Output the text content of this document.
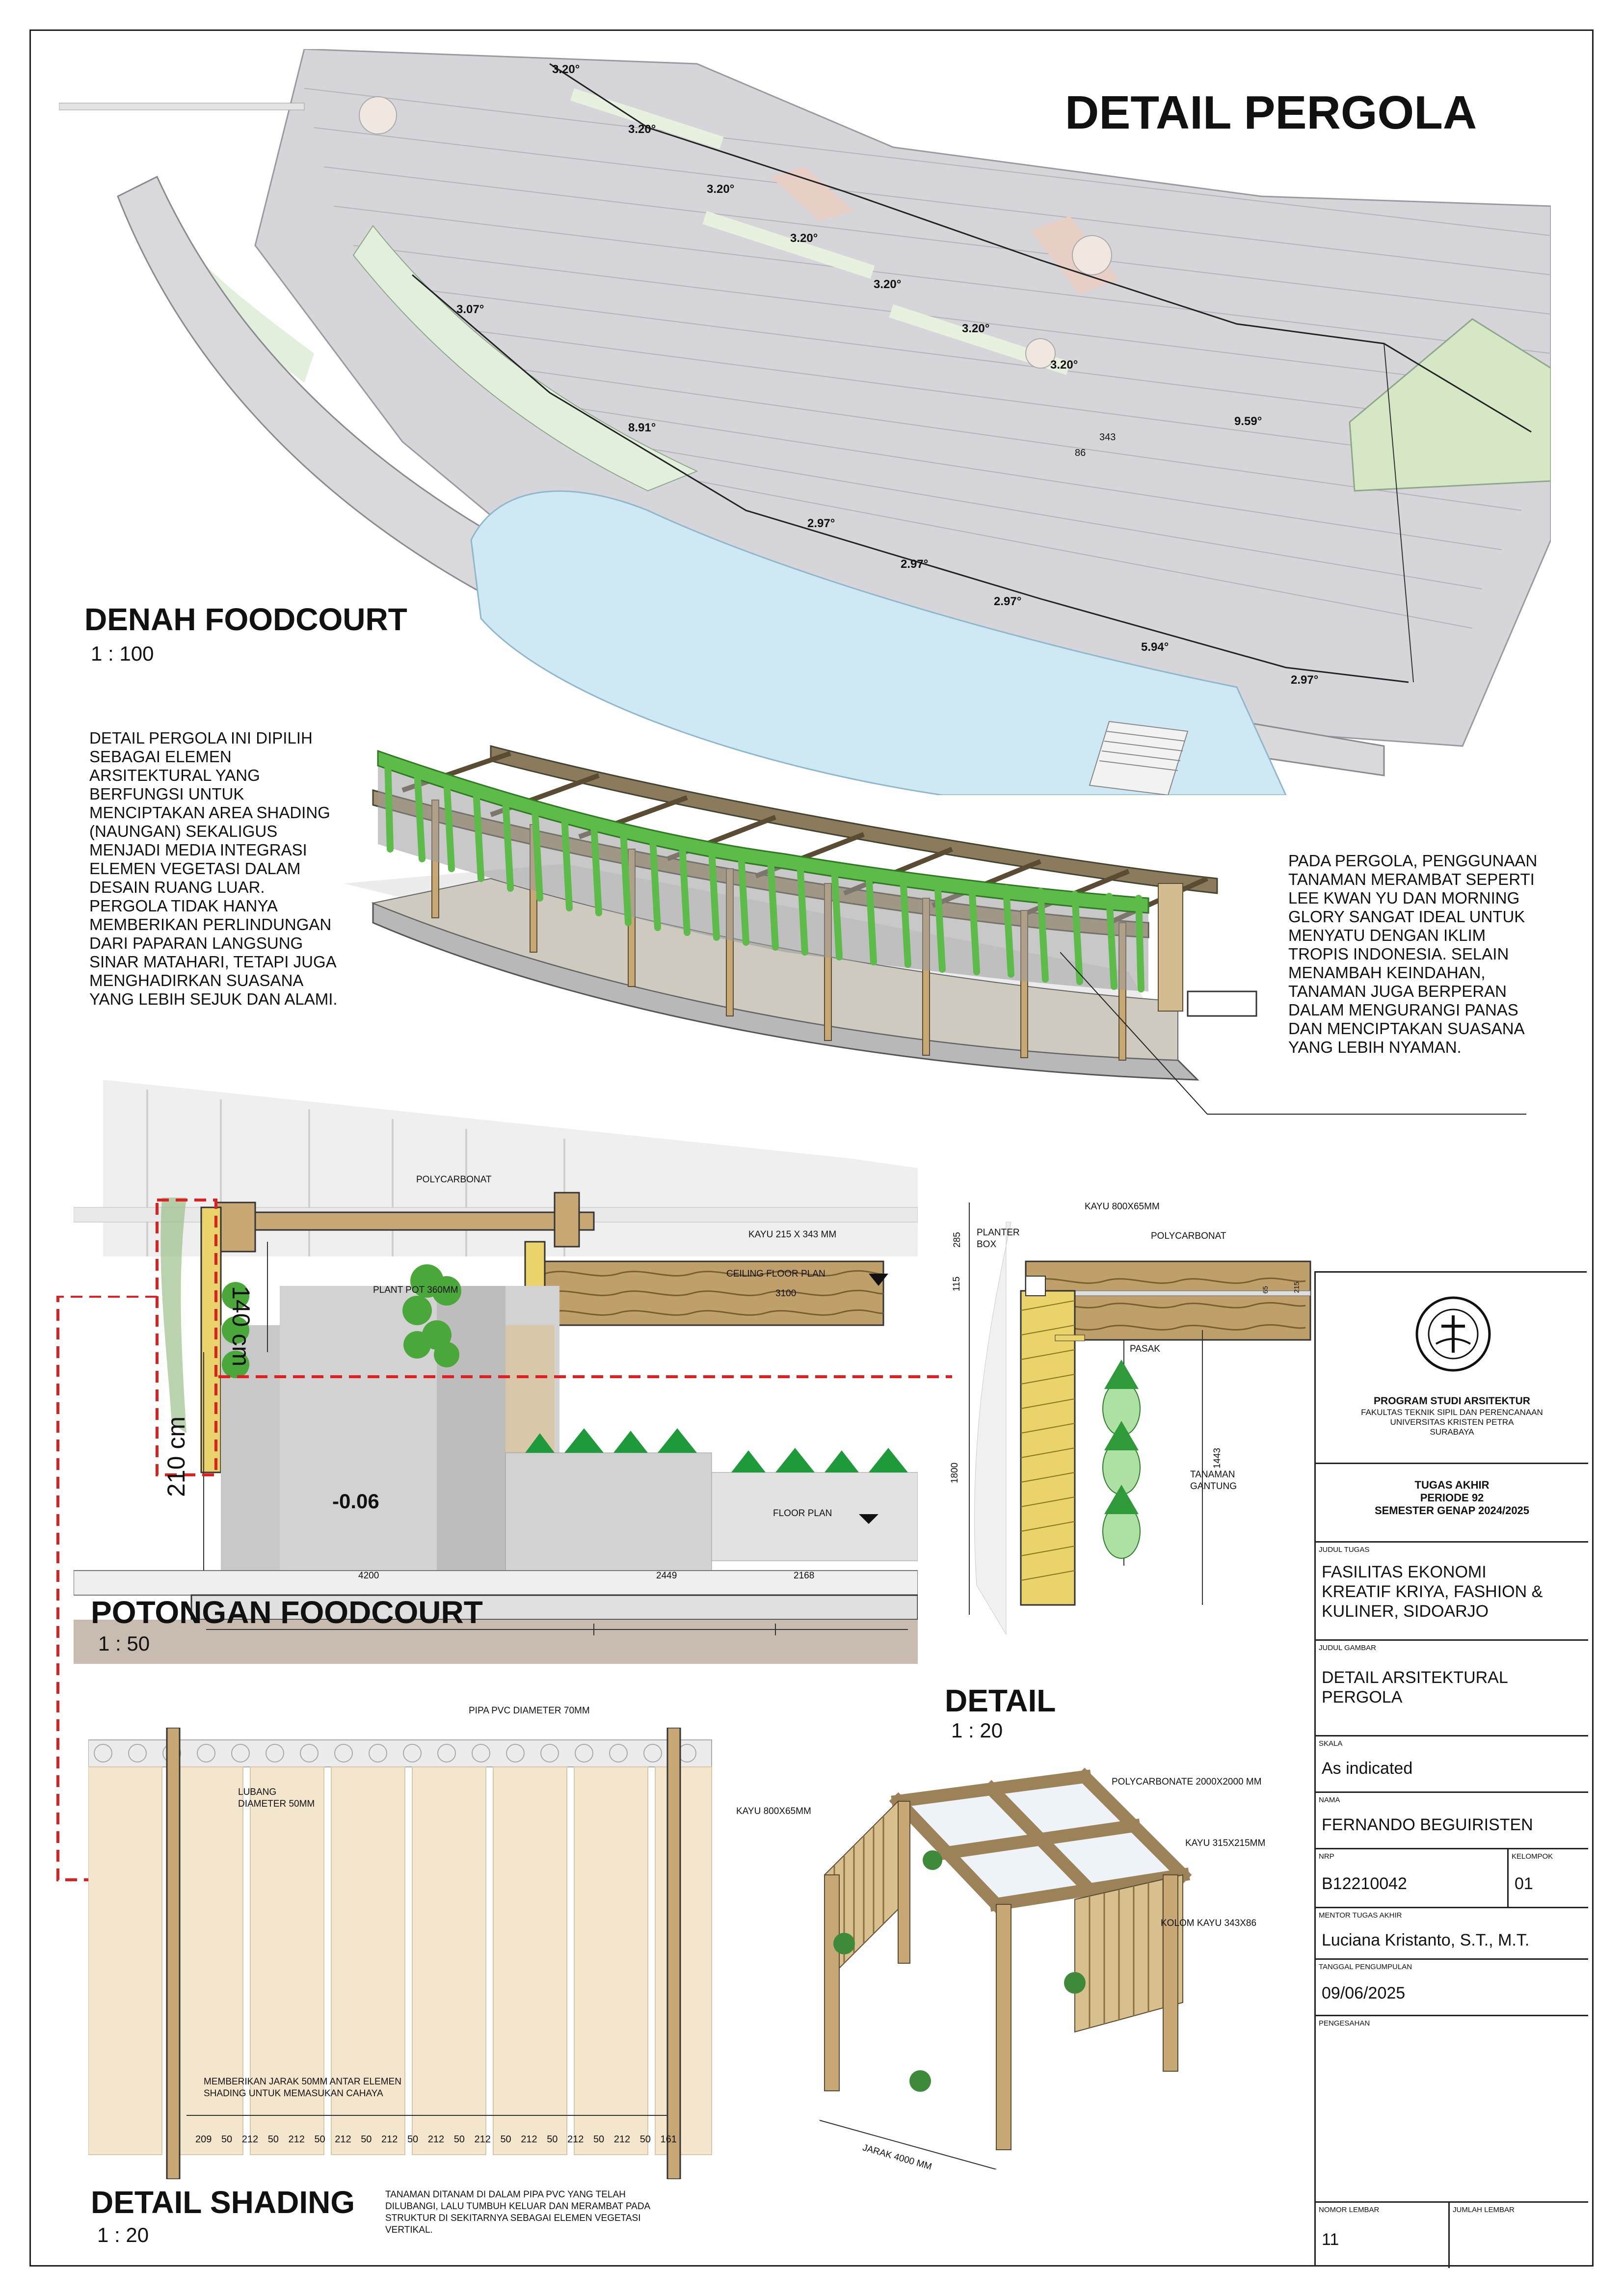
DETAIL PERGOLA
3.20°
3.20°
3.20°
3.20°
3.20°
3.20°
3.20°
3.07°
8.91°
2.97°
2.97°
2.97°
5.94°
2.97°
9.59°
343
86
DENAH FOODCOURT
1 : 100
DETAIL PERGOLA INI DIPILIH
SEBAGAI ELEMEN
ARSITEKTURAL YANG
BERFUNGSI UNTUK
MENCIPTAKAN AREA SHADING
(NAUNGAN) SEKALIGUS
MENJADI MEDIA INTEGRASI
ELEMEN VEGETASI DALAM
DESAIN RUANG LUAR.
PERGOLA TIDAK HANYA
MEMBERIKAN PERLINDUNGAN
DARI PAPARAN LANGSUNG
SINAR MATAHARI, TETAPI JUGA
MENGHADIRKAN SUASANA
YANG LEBIH SEJUK DAN ALAMI.
PADA PERGOLA, PENGGUNAAN
TANAMAN MERAMBAT SEPERTI
LEE KWAN YU DAN MORNING
GLORY SANGAT IDEAL UNTUK
MENYATU DENGAN IKLIM
TROPIS INDONESIA. SELAIN
MENAMBAH KEINDAHAN,
TANAMAN JUGA BERPERAN
DALAM MENGURANGI PANAS
DAN MENCIPTAKAN SUASANA
YANG LEBIH NYAMAN.
POLYCARBONAT
KAYU 215 X 343 MM
CEILING FLOOR PLAN
3100
PLANT POT 360MM
140 cm
210 cm
-0.06
FLOOR PLAN
4200	2449	2168
POTONGAN FOODCOURT
1 : 50
KAYU 800X65MM
PLANTER
BOX
POLYCARBONAT
PASAK
TANAMAN
GANTUNG
285
115
1800
1443
65	215
DETAIL
1 : 20
PIPA PVC DIAMETER 70MM
LUBANG
DIAMETER 50MM
MEMBERIKAN JARAK 50MM ANTAR ELEMEN
SHADING UNTUK MEMASUKAN CAHAYA
209 50 212 50 212 50 212 50 212 50 212 50 212 50 212 50 212 50 212 50 161
DETAIL SHADING
1 : 20
TANAMAN DITANAM DI DALAM PIPA PVC YANG TELAH
DILUBANGI, LALU TUMBUH KELUAR DAN MERAMBAT PADA
STRUKTUR DI SEKITARNYA SEBAGAI ELEMEN VEGETASI
VERTIKAL.
POLYCARBONATE 2000X2000 MM
KAYU 800X65MM
KAYU 315X215MM
KOLOM KAYU 343X86
JARAK 4000 MM
PROGRAM STUDI ARSITEKTUR
FAKULTAS TEKNIK SIPIL DAN PERENCANAAN
UNIVERSITAS KRISTEN PETRA
SURABAYA
TUGAS AKHIR
PERIODE 92
SEMESTER GENAP 2024/2025
JUDUL TUGAS
FASILITAS EKONOMI
KREATIF KRIYA, FASHION &
KULINER, SIDOARJO
JUDUL GAMBAR
DETAIL ARSITEKTURAL
PERGOLA
SKALA
As indicated
NAMA
FERNANDO BEGUIRISTEN
NRP
B12210042
KELOMPOK
01
MENTOR TUGAS AKHIR
Luciana Kristanto, S.T., M.T.
TANGGAL PENGUMPULAN
09/06/2025
PENGESAHAN
NOMOR LEMBAR
11
JUMLAH LEMBAR
